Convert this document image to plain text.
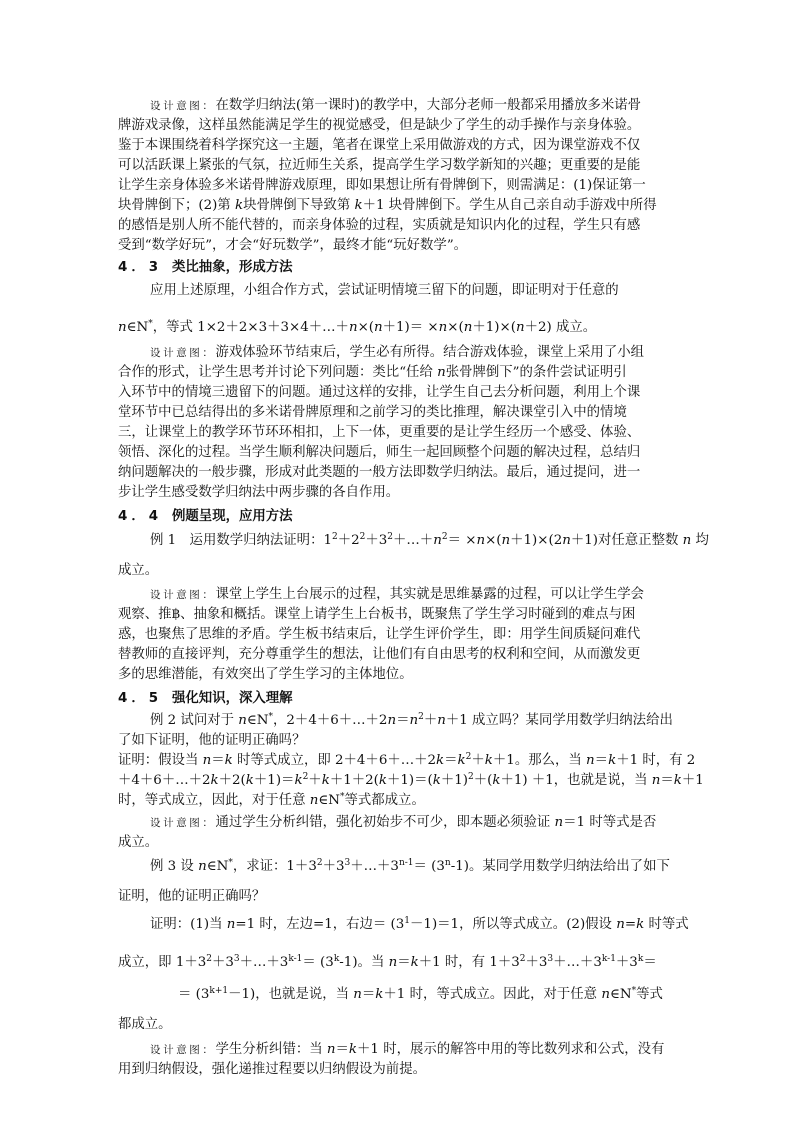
设计意图：在数学归纳法(第一课时)的教学中，大部分老师一般都采用播放多米诺骨
牌游戏录像，这样虽然能满足学生的视觉感受，但是缺少了学生的动手操作与亲身体验。
鉴于本课围绕着科学探究这一主题，笔者在课堂上采用做游戏的方式，因为课堂游戏不仅
可以活跃课上紧张的气氛，拉近师生关系，提高学生学习数学新知的兴趣；更重要的是能
让学生亲身体验多米诺骨牌游戏原理，即如果想让所有骨牌倒下，则需满足：(1)保证第一
块骨牌倒下；(2)第 k块骨牌倒下导致第 k＋1 块骨牌倒下。学生从自己亲自动手游戏中所得
的感悟是别人所不能代替的，而亲身体验的过程，实质就是知识内化的过程，学生只有感
受到“数学好玩”，才会“好玩数学”，最终才能“玩好数学”。
4．3 类比抽象，形成方法
应用上述原理，小组合作方式，尝试证明情境三留下的问题，即证明对于任意的
n∈N*，等式 1×2＋2×3＋3×4＋…＋n×(n＋1)＝ ×n×(n＋1)×(n＋2) 成立。
设计意图：游戏体验环节结束后，学生必有所得。结合游戏体验，课堂上采用了小组
合作的形式，让学生思考并讨论下列问题：类比“任给 n张骨牌倒下”的条件尝试证明引
入环节中的情境三遗留下的问题。通过这样的安排，让学生自己去分析问题，利用上个课
堂环节中已总结得出的多米诺骨牌原理和之前学习的类比推理，解决课堂引入中的情境
三，让课堂上的教学环节环环相扣，上下一体，更重要的是让学生经历一个感受、体验、
领悟、深化的过程。当学生顺利解决问题后，师生一起回顾整个问题的解决过程，总结归
纳问题解决的一般步骤，形成对此类题的一般方法即数学归纳法。最后，通过提问，进一
步让学生感受数学归纳法中两步骤的各自作用。
4．4 例题呈现，应用方法
例 1　运用数学归纳法证明：$1^2+2^2+3^2+\dots+n^2= \times n\times(n+1)\times(2n+1)$对任意正整数 n 均
成立。
设计意图：课堂上学生上台展示的过程，其实就是思维暴露的过程，可以让学生学会
观察、推฿、抽象和概括。课堂上请学生上台板书，既聚焦了学生学习时碰到的难点与困
惑，也聚焦了思维的矛盾。学生板书结束后，让学生评价学生，即：用学生间质疑问难代
替教师的直接评判，充分尊重学生的想法，让他们有自由思考的权利和空间，从而激发更
多的思维潜能，有效突出了学生学习的主体地位。
4．5 强化知识，深入理解
例 2 试问对于 n∈N*，$2+4+6+\dots+2n=n^2+n+1$ 成立吗？某同学用数学归纳法给出
了如下证明，他的证明正确吗？
证明：假设当 n＝k 时等式成立，即 $2+4+6+\dots+2k=k^2+k+1$。那么，当 n＝k＋1 时，有 2
$+4+6+\dots+2k+2(k+1)=k^2+k+1+2(k+1)=(k+1)^2+(k+1) +1$，也就是说，当 n＝k＋1
时，等式成立，因此，对于任意 n∈N*等式都成立。
设计意图：通过学生分析纠错，强化初始步不可少，即本题必须验证 n＝1 时等式是否
成立。
例 3 设 n∈N*，求证：$1+3^2+3^3+\dots+3^{n-1}= (3^n-1)$。某同学用数学归纳法给出了如下
证明，他的证明正确吗？
证明：(1)当 n=1 时，左边=1，右边＝ $(3^1-1)=1$，所以等式成立。(2)假设 n=k 时等式
成立，即 $1+3^2+3^3+\dots+3^{k-1}= (3^k-1)$。当 n＝k＋1 时，有 $1+3^2+3^3+\dots+3^{k-1}+3^k=$
＝ $(3^{k+1}-1)$，也就是说，当 n＝k＋1 时，等式成立。因此，对于任意 n∈N*等式
都成立。
设计意图：学生分析纠错：当 n＝k＋1 时，展示的解答中用的等比数列求和公式，没有
用到归纳假设，强化递推过程要以归纳假设为前提。
